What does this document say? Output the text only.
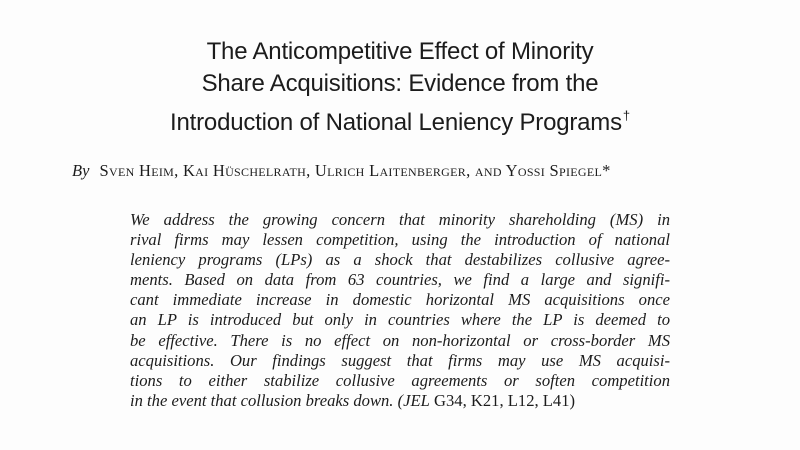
The Anticompetitive Effect of Minority
Share Acquisitions: Evidence from the
Introduction of National Leniency Programs†
By Sven Heim, Kai Hüschelrath, Ulrich Laitenberger, and Yossi Spiegel*
We address the growing concern that minority shareholding (MS) in
rival firms may lessen competition, using the introduction of national
leniency programs (LPs) as a shock that destabilizes collusive agree-
ments. Based on data from 63 countries, we find a large and signifi-
cant immediate increase in domestic horizontal MS acquisitions once
an LP is introduced but only in countries where the LP is deemed to
be effective. There is no effect on non-horizontal or cross-border MS
acquisitions. Our findings suggest that firms may use MS acquisi-
tions to either stabilize collusive agreements or soften competition
in the event that collusion breaks down. (JEL G34, K21, L12, L41)
